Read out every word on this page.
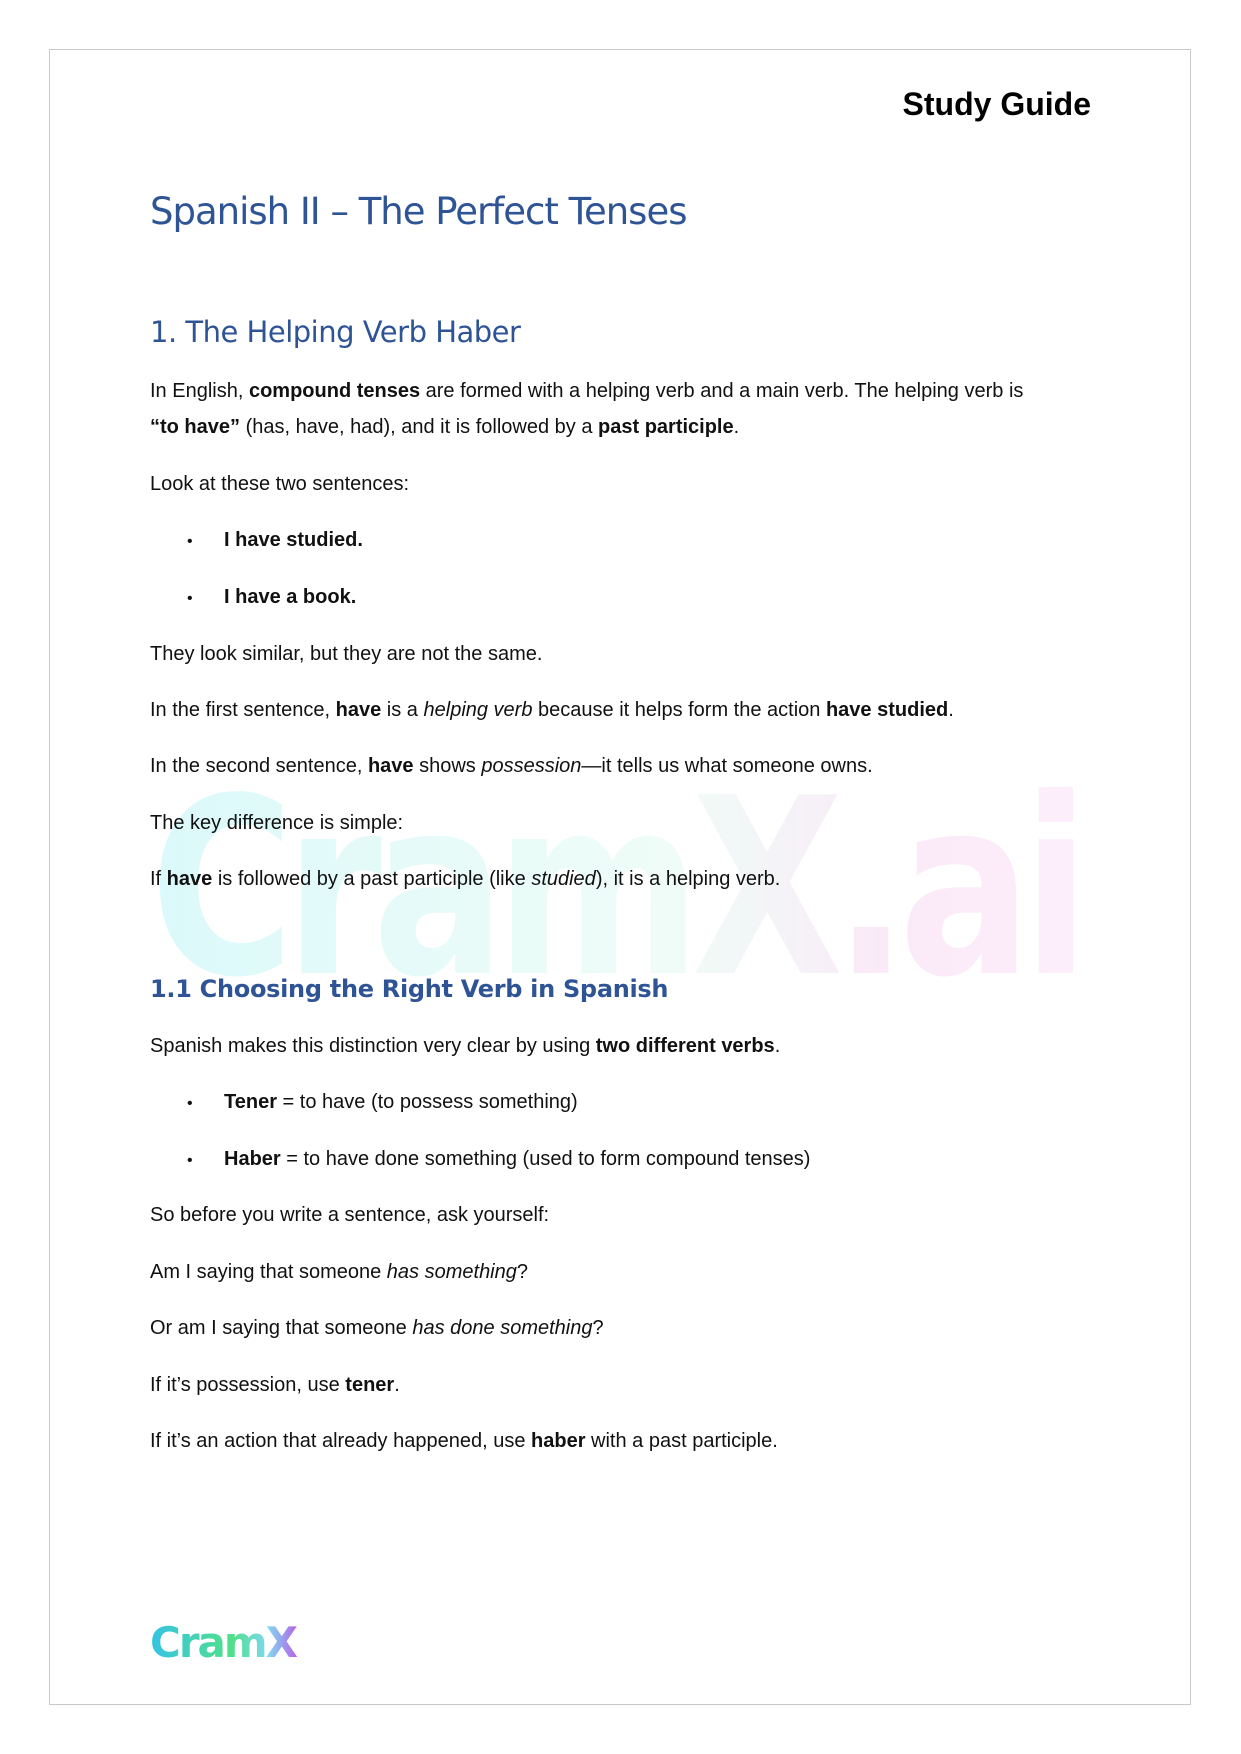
CramX.ai
Study Guide
Spanish II – The Perfect Tenses
1. The Helping Verb Haber

In English, compound tenses are formed with a helping verb and a main verb. The helping verb is

“to have” (has, have, had), and it is followed by a past participle.

Look at these two sentences:

• I have studied.

• I have a book.

They look similar, but they are not the same.

In the first sentence, have is a helping verb because it helps form the action have studied.

In the second sentence, have shows possession—it tells us what someone owns.

The key difference is simple:

If have is followed by a past participle (like studied), it is a helping verb.

1.1 Choosing the Right Verb in Spanish

Spanish makes this distinction very clear by using two different verbs.

• Tener = to have (to possess something)

• Haber = to have done something (used to form compound tenses)

So before you write a sentence, ask yourself:

Am I saying that someone has something?

Or am I saying that someone has done something?

If it’s possession, use tener.

If it’s an action that already happened, use haber with a past participle.

CramX
